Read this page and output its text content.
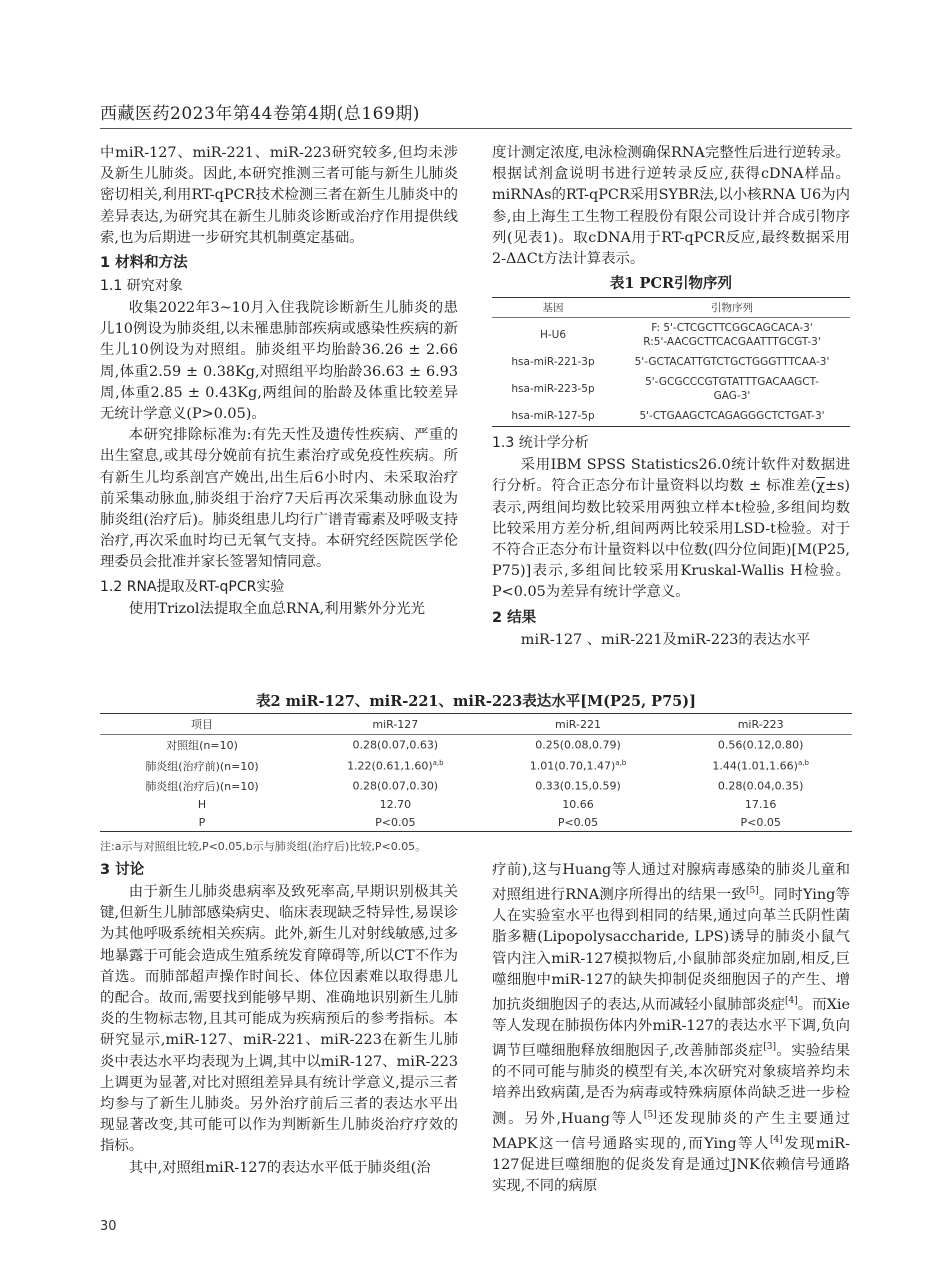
西藏医药2023年第44卷第4期(总169期)

中miR-127、miR-221、miR-223研究较多,但均未涉及新生儿肺炎。因此,本研究推测三者可能与新生儿肺炎密切相关,利用RT-qPCR技术检测三者在新生儿肺炎中的差异表达,为研究其在新生儿肺炎诊断或治疗作用提供线索,也为后期进一步研究其机制奠定基础。

1 材料和方法
1.1 研究对象

收集2022年3~10月入住我院诊断新生儿肺炎的患儿10例设为肺炎组,以未罹患肺部疾病或感染性疾病的新生儿10例设为对照组。肺炎组平均胎龄36.26 ± 2.66周,体重2.59 ± 0.38Kg,对照组平均胎龄36.63 ± 6.93周,体重2.85 ± 0.43Kg,两组间的胎龄及体重比较差异无统计学意义(P>0.05)。

本研究排除标准为:有先天性及遗传性疾病、严重的出生窒息,或其母分娩前有抗生素治疗或免疫性疾病。所有新生儿均系剖宫产娩出,出生后6小时内、未采取治疗前采集动脉血,肺炎组于治疗7天后再次采集动脉血设为肺炎组(治疗后)。肺炎组患儿均行广谱青霉素及呼吸支持治疗,再次采血时均已无氧气支持。本研究经医院医学伦理委员会批准并家长签署知情同意。

1.2 RNA提取及RT-qPCR实验

使用Trizol法提取全血总RNA,利用紫外分光光

度计测定浓度,电泳检测确保RNA完整性后进行逆转录。根据试剂盒说明书进行逆转录反应,获得cDNA样品。miRNAs的RT-qPCR采用SYBR法,以小核RNA U6为内参,由上海生工生物工程股份有限公司设计并合成引物序列(见表1)。取cDNA用于RT-qPCR反应,最终数据采用2-ΔΔCt方法计算表示。

表1 PCR引物序列
基因	引物序列
H-U6	F: 5'-CTCGCTTCGGCAGCACA-3'
R:5'-AACGCTTCACGAATTTGCGT-3'
hsa-miR-221-3p	5'-GCTACATTGTCTGCTGGGTTTCAA-3'
hsa-miR-223-5p	5'-GCGCCCGTGTATTTGACAAGCT-
GAG-3'
hsa-miR-127-5p	5'-CTGAAGCTCAGAGGGCTCTGAT-3'
1.3 统计学分析

采用IBM SPSS Statistics26.0统计软件对数据进行分析。符合正态分布计量资料以均数 ± 标准差$(\overline{\chi}\pm s)$表示,两组间均数比较采用两独立样本t检验,多组间均数比较采用方差分析,组间两两比较采用LSD-t检验。对于不符合正态分布计量资料以中位数(四分位间距)[M(P25, P75)]表示,多组间比较采用Kruskal-Wallis H检验。P<0.05为差异有统计学意义。

2 结果

miR-127 、miR-221及miR-223的表达水平

表2 miR-127、miR-221、miR-223表达水平[M(P25, P75)]
项目	miR-127	miR-221	miR-223
对照组(n=10)	0.28(0.07,0.63)	0.25(0.08,0.79)	0.56(0.12,0.80)
肺炎组(治疗前)(n=10)	$1.22(0.61,1.60)^{a,b}$	$1.01(0.70,1.47)^{a,b}$	$1.44(1.01,1.66)^{a,b}$
肺炎组(治疗后)(n=10)	0.28(0.07,0.30)	0.33(0.15,0.59)	0.28(0.04,0.35)
H	12.70	10.66	17.16
P	P<0.05	P<0.05	P<0.05
注:a示与对照组比较,P<0.05,b示与肺炎组(治疗后)比较,P<0.05。
3 讨论

由于新生儿肺炎患病率及致死率高,早期识别极其关键,但新生儿肺部感染病史、临床表现缺乏特异性,易误诊为其他呼吸系统相关疾病。此外,新生儿对射线敏感,过多地暴露于可能会造成生殖系统发育障碍等,所以CT不作为首选。而肺部超声操作时间长、体位因素难以取得患儿的配合。故而,需要找到能够早期、准确地识别新生儿肺炎的生物标志物,且其可能成为疾病预后的参考指标。本研究显示,miR-127、miR-221、miR-223在新生儿肺炎中表达水平均表现为上调,其中以miR-127、miR-223上调更为显著,对比对照组差异具有统计学意义,提示三者均参与了新生儿肺炎。另外治疗前后三者的表达水平出现显著改变,其可能可以作为判断新生儿肺炎治疗疗效的指标。

其中,对照组miR-127的表达水平低于肺炎组(治

疗前),这与Huang等人通过对腺病毒感染的肺炎儿童和对照组进行RNA测序所得出的结果一致[5]。同时Ying等人在实验室水平也得到相同的结果,通过向革兰氏阴性菌脂多糖(Lipopolysaccharide, LPS)诱导的肺炎小鼠气管内注入miR-127模拟物后,小鼠肺部炎症加剧,相反,巨噬细胞中miR-127的缺失抑制促炎细胞因子的产生、增加抗炎细胞因子的表达,从而减轻小鼠肺部炎症[4]。而Xie等人发现在肺损伤体内外miR-127的表达水平下调,负向调节巨噬细胞释放细胞因子,改善肺部炎症[3]。实验结果的不同可能与肺炎的模型有关,本次研究对象痰培养均未培养出致病菌,是否为病毒或特殊病原体尚缺乏进一步检测。另外,Huang等人[5]还发现肺炎的产生主要通过MAPK这一信号通路实现的,而Ying等人[4]发现miR-127促进巨噬细胞的促炎发育是通过JNK依赖信号通路实现,不同的病原

30
